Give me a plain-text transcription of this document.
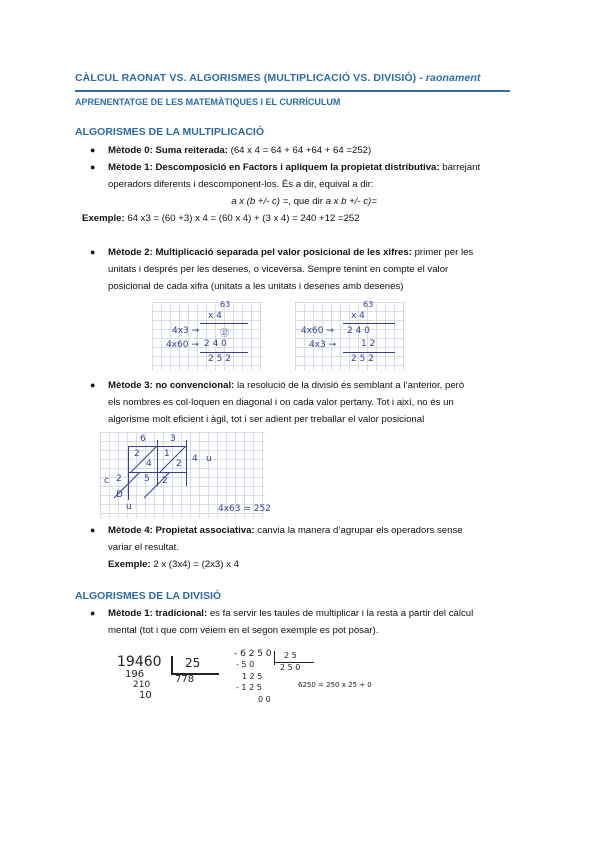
CÀLCUL RAONAT VS. ALGORISMES (MULTIPLICACIÓ VS. DIVISIÓ) - raonament
APRENENTATGE DE LES MATEMÀTIQUES I EL CURRÍCULUM
ALGORISMES DE LA MULTIPLICACIÓ
● Mètode 0: Suma reiterada: (64 x 4 = 64 + 64 +64 + 64 =252)
● Mètode 1: Descomposició en Factors i apliquem la propietat distributiva: barrejant
operadors diferents i descomponent-los. És a dir, equival a dir:
a x (b +/- c) =, que dir a x b +/- c)=
Exemple: 64 x3 = (60 +3) x 4 = (60 x 4) + (3 x 4) = 240 +12 =252
● Mètode 2: Multiplicació separada pel valor posicional de les xifres: primer per les
unitats i després per les desenes, o viceversa. Sempre tenint en compte el valor
posicional de cada xifra (unitats a les unitats i desenes amb desenes)
63
x 4
4x3 → ⑫
4x60 → 2 4 0
2 5 2
63
x 4
4x60 → 2 4 0
4x3 →	1 2
2 5 2
● Mètode 3: no convencional: la resolució de la divisió és semblant a l’anterior, però
els nombres es col·loquen en diagonal i on cada valor pertany. Tot i així, no és un
algorisme molt eficient i àgil, tot i ser adient per treballar el valor posicional
6	3
2
4
1
2 4 u
2 5 2
c
D
u	4x63 = 252
● Mètode 4: Propietat associativa: canvia la manera d’agrupar els operadors sense
variar el resultat.
Exemple: 2 x (3x4) = (2x3) x 4
ALGORISMES DE LA DIVISIÓ
● Mètode 1: tradicional: es fa servir les taules de multiplicar i la resta a partir del càlcul
mental (tot i que com veiem en el segon exemple es pot posar).
19460 25
778
196
210
10
- 6 2 5 0 2 5
2 5 0
- 5 0
1 2 5
- 1 2 5
0 0
6250 = 250 x 25 + 0
